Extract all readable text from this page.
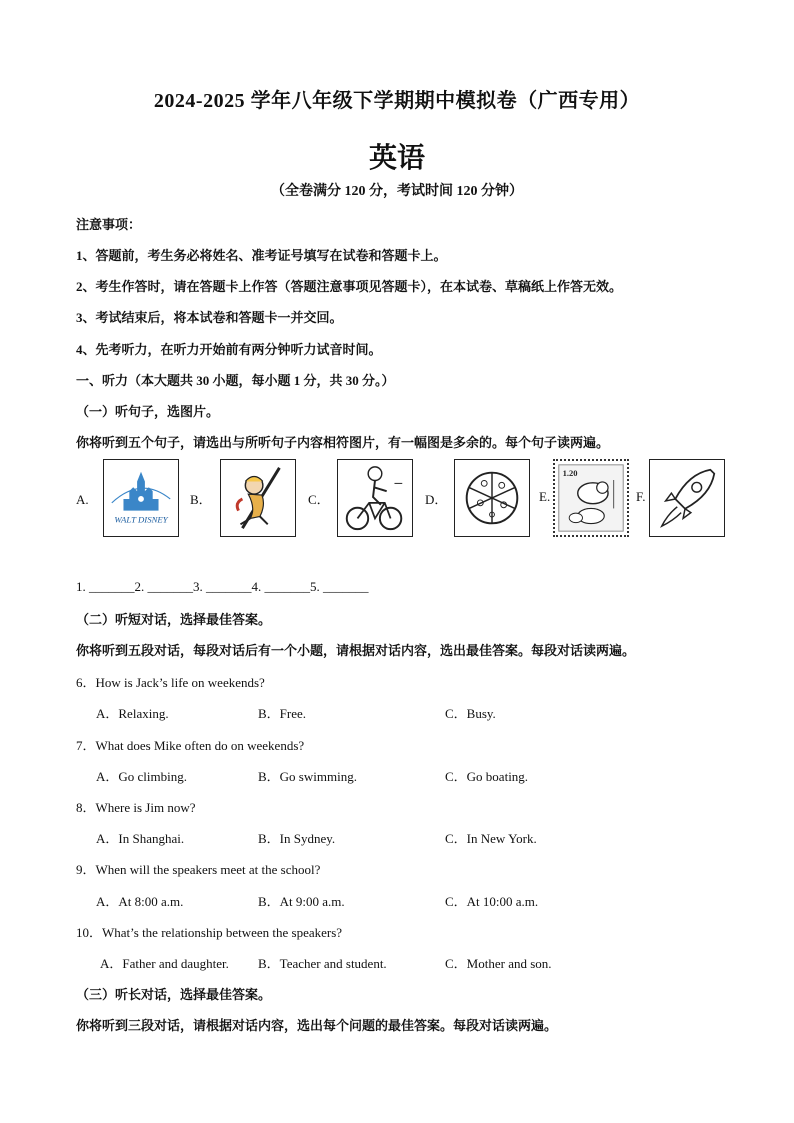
2024-2025 学年八年级下学期期中模拟卷（广西专用）
英语
（全卷满分 120 分，考试时间 120 分钟）
注意事项：
1、答题前，考生务必将姓名、准考证号填写在试卷和答题卡上。
2、考生作答时，请在答题卡上作答（答题注意事项见答题卡），在本试卷、草稿纸上作答无效。
3、考试结束后，将本试卷和答题卡一并交回。
4、先考听力，在听力开始前有两分钟听力试音时间。
一、听力（本大题共 30 小题，每小题 1 分，共 30 分。）
（一）听句子，选图片。
你将听到五个句子，请选出与所听句子内容相符图片，有一幅图是多余的。每个句子读两遍。
A.
WALT DISNEY
B．	C．	D．	E.
1.20
F.
1. _______2. _______3. _______4. _______5. _______
（二）听短对话，选择最佳答案。
你将听到五段对话，每段对话后有一个小题，请根据对话内容，选出最佳答案。每段对话读两遍。
6．How is Jack’s life on weekends?
A．Relaxing.	B．Free.	C．Busy.
7．What does Mike often do on weekends?
A．Go climbing.	B．Go swimming.	C．Go boating.
8．Where is Jim now?
A．In Shanghai.	B．In Sydney.	C．In New York.
9．When will the speakers meet at the school?
A．At 8:00 a.m.	B．At 9:00 a.m.	C．At 10:00 a.m.
10．What’s the relationship between the speakers?
A．Father and daughter. B．Teacher and student.	C．Mother and son.
（三）听长对话，选择最佳答案。
你将听到三段对话，请根据对话内容，选出每个问题的最佳答案。每段对话读两遍。
